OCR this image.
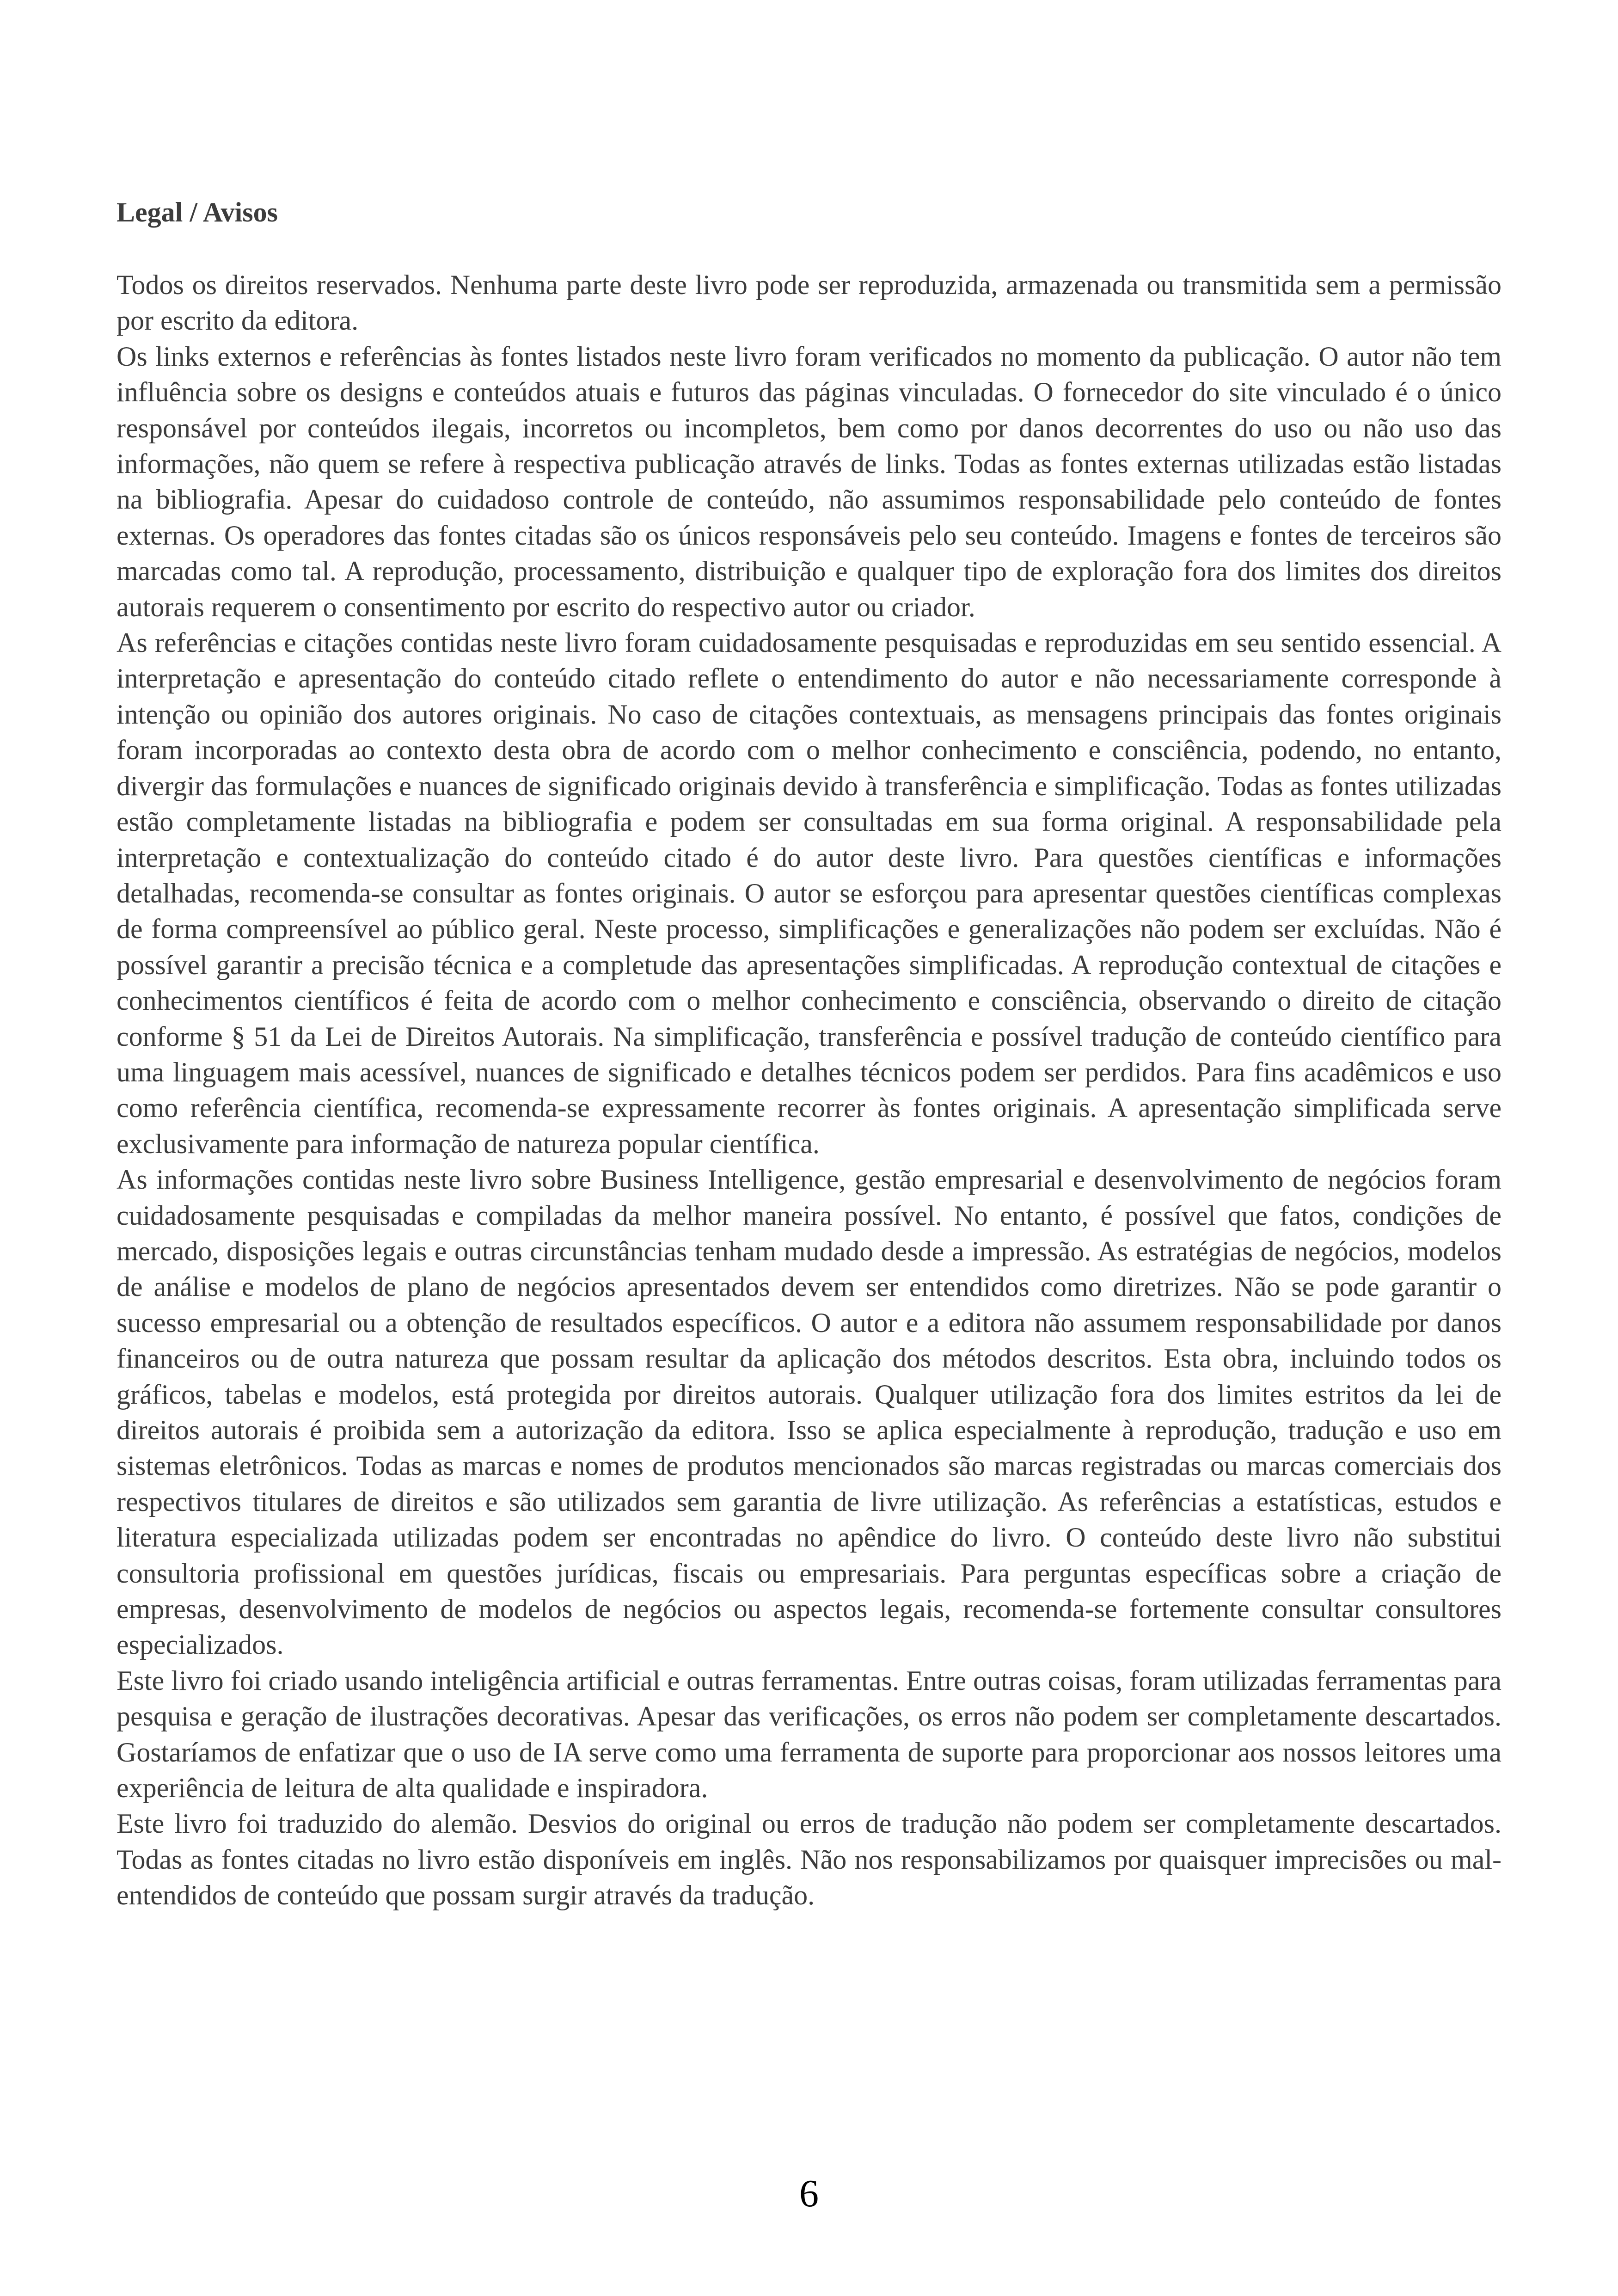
Legal / Avisos

Todos os direitos reservados. Nenhuma parte deste livro pode ser reproduzida, armazenada ou transmitida sem a permissão por escrito da editora.

Os links externos e referências às fontes listados neste livro foram verificados no momento da publicação. O autor não tem influência sobre os designs e conteúdos atuais e futuros das páginas vinculadas. O fornecedor do site vinculado é o único responsável por conteúdos ilegais, incorretos ou incompletos, bem como por danos decorrentes do uso ou não uso das informações, não quem se refere à respectiva publicação através de links. Todas as fontes externas utilizadas estão listadas na bibliografia. Apesar do cuidadoso controle de conteúdo, não assumimos responsabilidade pelo conteúdo de fontes externas. Os operadores das fontes citadas são os únicos responsáveis pelo seu conteúdo. Imagens e fontes de terceiros são marcadas como tal. A reprodução, processamento, distribuição e qualquer tipo de exploração fora dos limites dos direitos autorais requerem o consentimento por escrito do respectivo autor ou criador.

As referências e citações contidas neste livro foram cuidadosamente pesquisadas e reproduzidas em seu sentido essencial. A interpretação e apresentação do conteúdo citado reflete o entendimento do autor e não necessariamente corresponde à intenção ou opinião dos autores originais. No caso de citações contextuais, as mensagens principais das fontes originais foram incorporadas ao contexto desta obra de acordo com o melhor conhecimento e consciência, podendo, no entanto, divergir das formulações e nuances de significado originais devido à transferência e simplificação. Todas as fontes utilizadas estão completamente listadas na bibliografia e podem ser consultadas em sua forma original. A responsabilidade pela interpretação e contextualização do conteúdo citado é do autor deste livro. Para questões científicas e informações detalhadas, recomenda-se consultar as fontes originais. O autor se esforçou para apresentar questões científicas complexas de forma compreensível ao público geral. Neste processo, simplificações e generalizações não podem ser excluídas. Não é possível garantir a precisão técnica e a completude das apresentações simplificadas. A reprodução contextual de citações e conhecimentos científicos é feita de acordo com o melhor conhecimento e consciência, observando o direito de citação conforme § 51 da Lei de Direitos Autorais. Na simplificação, transferência e possível tradução de conteúdo científico para uma linguagem mais acessível, nuances de significado e detalhes técnicos podem ser perdidos. Para fins acadêmicos e uso como referência científica, recomenda-se expressamente recorrer às fontes originais. A apresentação simplificada serve exclusivamente para informação de natureza popular científica.

As informações contidas neste livro sobre Business Intelligence, gestão empresarial e desenvolvimento de negócios foram cuidadosamente pesquisadas e compiladas da melhor maneira possível. No entanto, é possível que fatos, condições de mercado, disposições legais e outras circunstâncias tenham mudado desde a impressão. As estratégias de negócios, modelos de análise e modelos de plano de negócios apresentados devem ser entendidos como diretrizes. Não se pode garantir o sucesso empresarial ou a obtenção de resultados específicos. O autor e a editora não assumem responsabilidade por danos financeiros ou de outra natureza que possam resultar da aplicação dos métodos descritos. Esta obra, incluindo todos os gráficos, tabelas e modelos, está protegida por direitos autorais. Qualquer utilização fora dos limites estritos da lei de direitos autorais é proibida sem a autorização da editora. Isso se aplica especialmente à reprodução, tradução e uso em sistemas eletrônicos. Todas as marcas e nomes de produtos mencionados são marcas registradas ou marcas comerciais dos respectivos titulares de direitos e são utilizados sem garantia de livre utilização. As referências a estatísticas, estudos e literatura especializada utilizadas podem ser encontradas no apêndice do livro. O conteúdo deste livro não substitui consultoria profissional em questões jurídicas, fiscais ou empresariais. Para perguntas específicas sobre a criação de empresas, desenvolvimento de modelos de negócios ou aspectos legais, recomenda-se fortemente consultar consultores especializados.

Este livro foi criado usando inteligência artificial e outras ferramentas. Entre outras coisas, foram utilizadas ferramentas para pesquisa e geração de ilustrações decorativas. Apesar das verificações, os erros não podem ser completamente descartados. Gostaríamos de enfatizar que o uso de IA serve como uma ferramenta de suporte para proporcionar aos nossos leitores uma experiência de leitura de alta qualidade e inspiradora.

Este livro foi traduzido do alemão. Desvios do original ou erros de tradução não podem ser completamente descartados. Todas as fontes citadas no livro estão disponíveis em inglês. Não nos responsabilizamos por quaisquer imprecisões ou mal-entendidos de conteúdo que possam surgir através da tradução.

6
